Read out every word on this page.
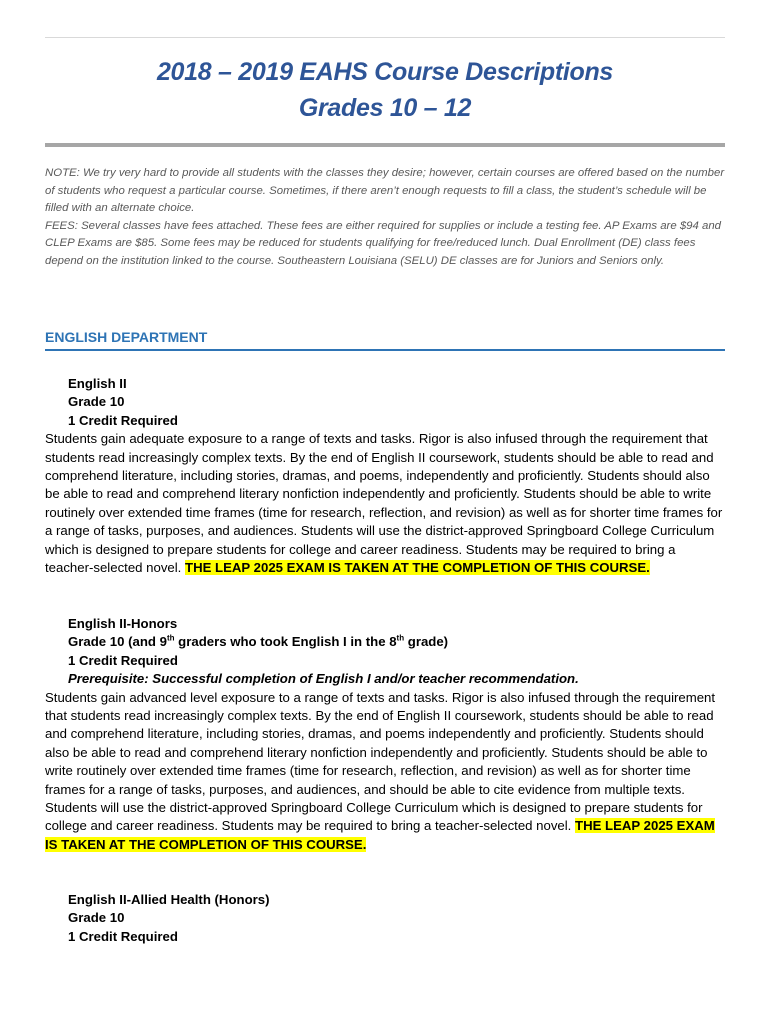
2018 – 2019 EAHS Course Descriptions
Grades 10 – 12

NOTE: We try very hard to provide all students with the classes they desire; however, certain courses are offered based on the number of students who request a particular course. Sometimes, if there aren’t enough requests to fill a class, the student’s schedule will be filled with an alternate choice.

FEES: Several classes have fees attached. These fees are either required for supplies or include a testing fee. AP Exams are $94 and CLEP Exams are $85. Some fees may be reduced for students qualifying for free/reduced lunch. Dual Enrollment (DE) class fees depend on the institution linked to the course. Southeastern Louisiana (SELU) DE classes are for Juniors and Seniors only.

ENGLISH DEPARTMENT
English II
Grade 10
1 Credit Required

Students gain adequate exposure to a range of texts and tasks. Rigor is also infused through the requirement that students read increasingly complex texts. By the end of English II coursework, students should be able to read and comprehend literature, including stories, dramas, and poems, independently and proficiently. Students should also be able to read and comprehend literary nonfiction independently and proficiently. Students should be able to write routinely over extended time frames (time for research, reflection, and revision) as well as for shorter time frames for a range of tasks, purposes, and audiences. Students will use the district-approved Springboard College Curriculum which is designed to prepare students for college and career readiness. Students may be required to bring a teacher-selected novel. THE LEAP 2025 EXAM IS TAKEN AT THE COMPLETION OF THIS COURSE.

English II-Honors
Grade 10 (and 9th graders who took English I in the 8th grade)
1 Credit Required
Prerequisite: Successful completion of English I and/or teacher recommendation.

Students gain advanced level exposure to a range of texts and tasks. Rigor is also infused through the requirement that students read increasingly complex texts. By the end of English II coursework, students should be able to read and comprehend literature, including stories, dramas, and poems independently and proficiently. Students should also be able to read and comprehend literary nonfiction independently and proficiently. Students should be able to write routinely over extended time frames (time for research, reflection, and revision) as well as for shorter time frames for a range of tasks, purposes, and audiences, and should be able to cite evidence from multiple texts. Students will use the district-approved Springboard College Curriculum which is designed to prepare students for college and career readiness. Students may be required to bring a teacher-selected novel. THE LEAP 2025 EXAM IS TAKEN AT THE COMPLETION OF THIS COURSE.

English II-Allied Health (Honors)
Grade 10
1 Credit Required
